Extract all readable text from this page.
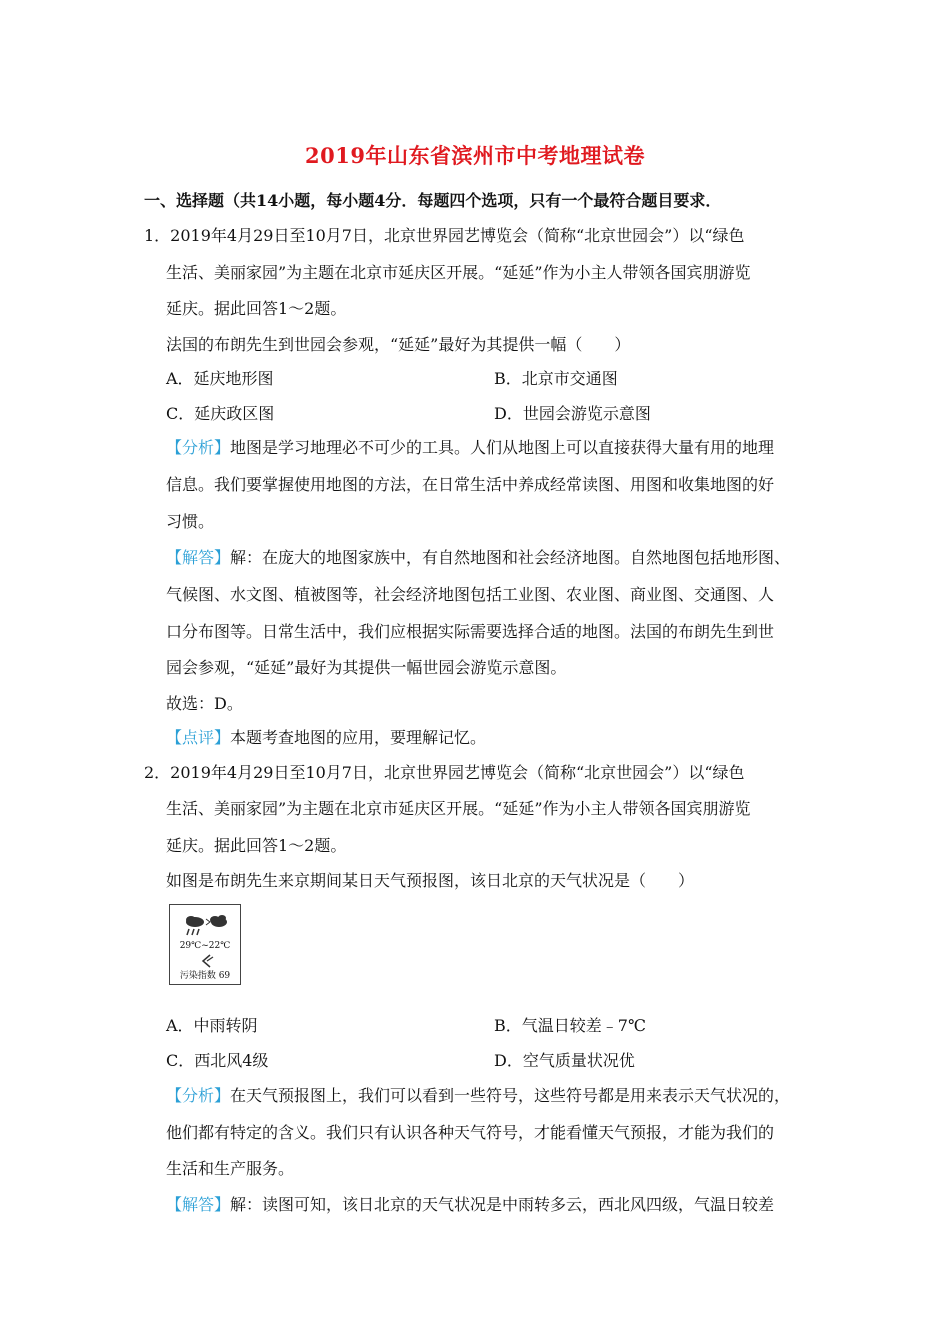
2019年山东省滨州市中考地理试卷
一、选择题（共14小题，每小题4分．每题四个选项，只有一个最符合题目要求．
1．2019年4月29日至10月7日，北京世界园艺博览会（简称“北京世园会”）以“绿色
生活、美丽家园”为主题在北京市延庆区开展。“延延”作为小主人带领各国宾朋游览
延庆。据此回答1～2题。
法国的布朗先生到世园会参观，“延延”最好为其提供一幅（　　）
A．延庆地形图	B．北京市交通图
C．延庆政区图	D．世园会游览示意图
【分析】地图是学习地理必不可少的工具。人们从地图上可以直接获得大量有用的地理
信息。我们要掌握使用地图的方法，在日常生活中养成经常读图、用图和收集地图的好
习惯。
【解答】解：在庞大的地图家族中，有自然地图和社会经济地图。自然地图包括地形图、
气候图、水文图、植被图等，社会经济地图包括工业图、农业图、商业图、交通图、人
口分布图等。日常生活中，我们应根据实际需要选择合适的地图。法国的布朗先生到世
园会参观，“延延”最好为其提供一幅世园会游览示意图。
故选：D。
【点评】本题考查地图的应用，要理解记忆。
2．2019年4月29日至10月7日，北京世界园艺博览会（简称“北京世园会”）以“绿色
生活、美丽家园”为主题在北京市延庆区开展。“延延”作为小主人带领各国宾朋游览
延庆。据此回答1～2题。
如图是布朗先生来京期间某日天气预报图，该日北京的天气状况是（　　）
29℃~22℃
污染指数 69
A．中雨转阴	B．气温日较差﹣7℃
C．西北风4级	D．空气质量状况优
【分析】在天气预报图上，我们可以看到一些符号，这些符号都是用来表示天气状况的，
他们都有特定的含义。我们只有认识各种天气符号，才能看懂天气预报，才能为我们的
生活和生产服务。
【解答】解：读图可知，该日北京的天气状况是中雨转多云，西北风四级，气温日较差
